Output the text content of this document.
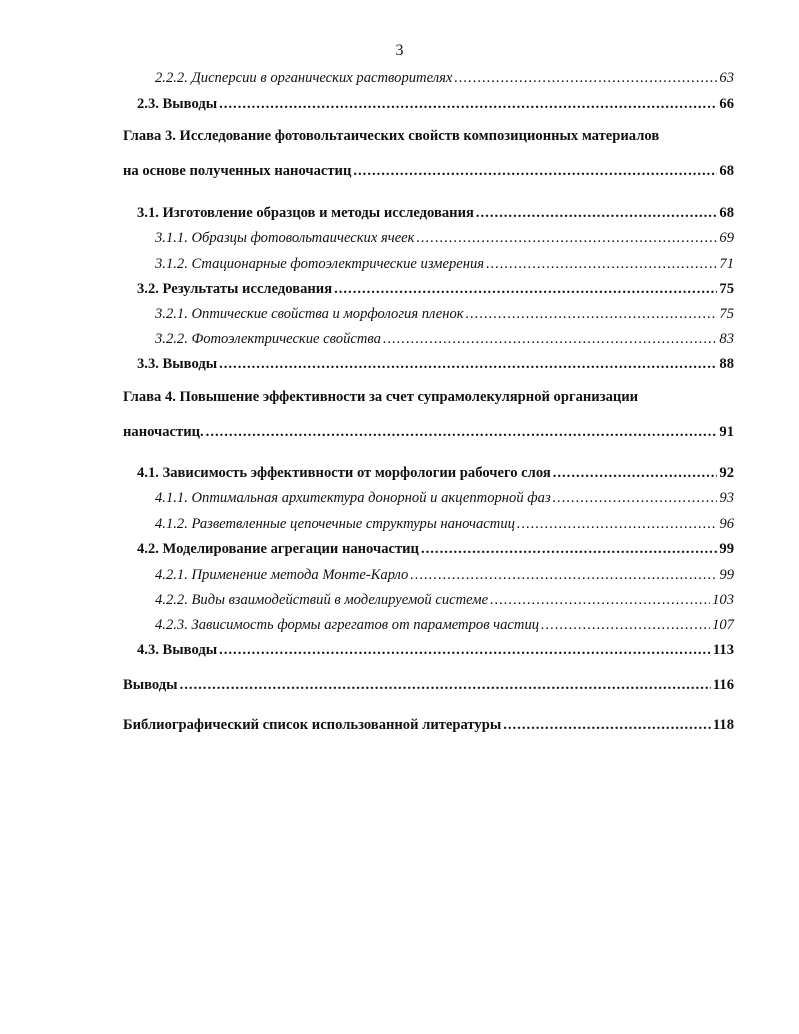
3
2.2.2. Дисперсии в органических растворителях .....	63
2.3. Выводы .....	66
Глава 3. Исследование фотовольтаических свойств композиционных материалов
на основе полученных наночастиц .....	68
3.1. Изготовление образцов и методы исследования .....	68
3.1.1. Образцы фотовольтаических ячеек .....	69
3.1.2. Стационарные фотоэлектрические измерения .....	71
3.2. Результаты исследования .....	75
3.2.1. Оптические свойства и морфология пленок .....	75
3.2.2. Фотоэлектрические свойства .....	83
3.3. Выводы .....	88
Глава 4. Повышение эффективности за счет супрамолекулярной организации
наночастиц. .....	91
4.1. Зависимость эффективности от морфологии рабочего слоя .....	92
4.1.1. Оптимальная архитектура донорной и акцепторной фаз .....	93
4.1.2. Разветвленные цепочечные структуры наночастиц .....	96
4.2. Моделирование агрегации наночастиц .....	99
4.2.1. Применение метода Монте-Карло .....	99
4.2.2. Виды взаимодействий в моделируемой системе .....	103
4.2.3. Зависимость формы агрегатов от параметров частиц .....	107
4.3. Выводы .....	113
Выводы .....	116
Библиографический список использованной литературы .....	118
